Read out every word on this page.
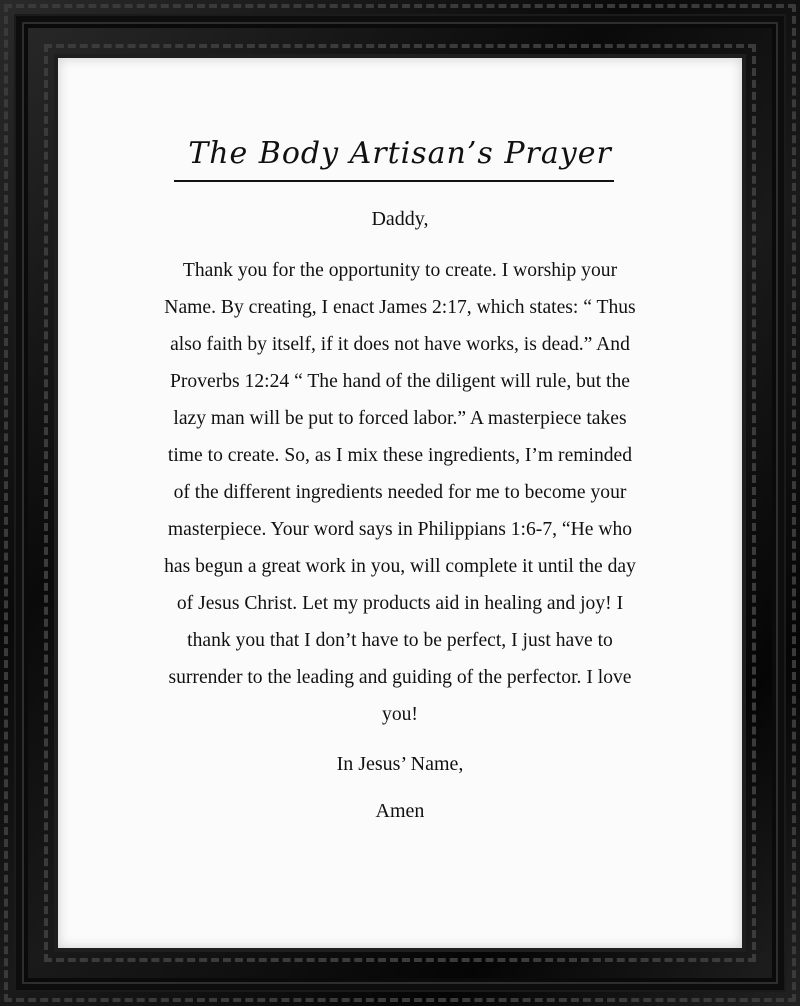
The Body Artisan’s Prayer
Daddy,

Thank you for the opportunity to create. I worship your
Name. By creating, I enact James 2:17, which states: “ Thus
also faith by itself, if it does not have works, is dead.” And
Proverbs 12:24 “ The hand of the diligent will rule, but the
lazy man will be put to forced labor.” A masterpiece takes
time to create. So, as I mix these ingredients, I’m reminded
of the different ingredients needed for me to become your
masterpiece. Your word says in Philippians 1:6-7, “He who
has begun a great work in you, will complete it until the day
of Jesus Christ. Let my products aid in healing and joy! I
thank you that I don’t have to be perfect, I just have to
surrender to the leading and guiding of the perfector. I love
you!

In Jesus’ Name,
Amen
